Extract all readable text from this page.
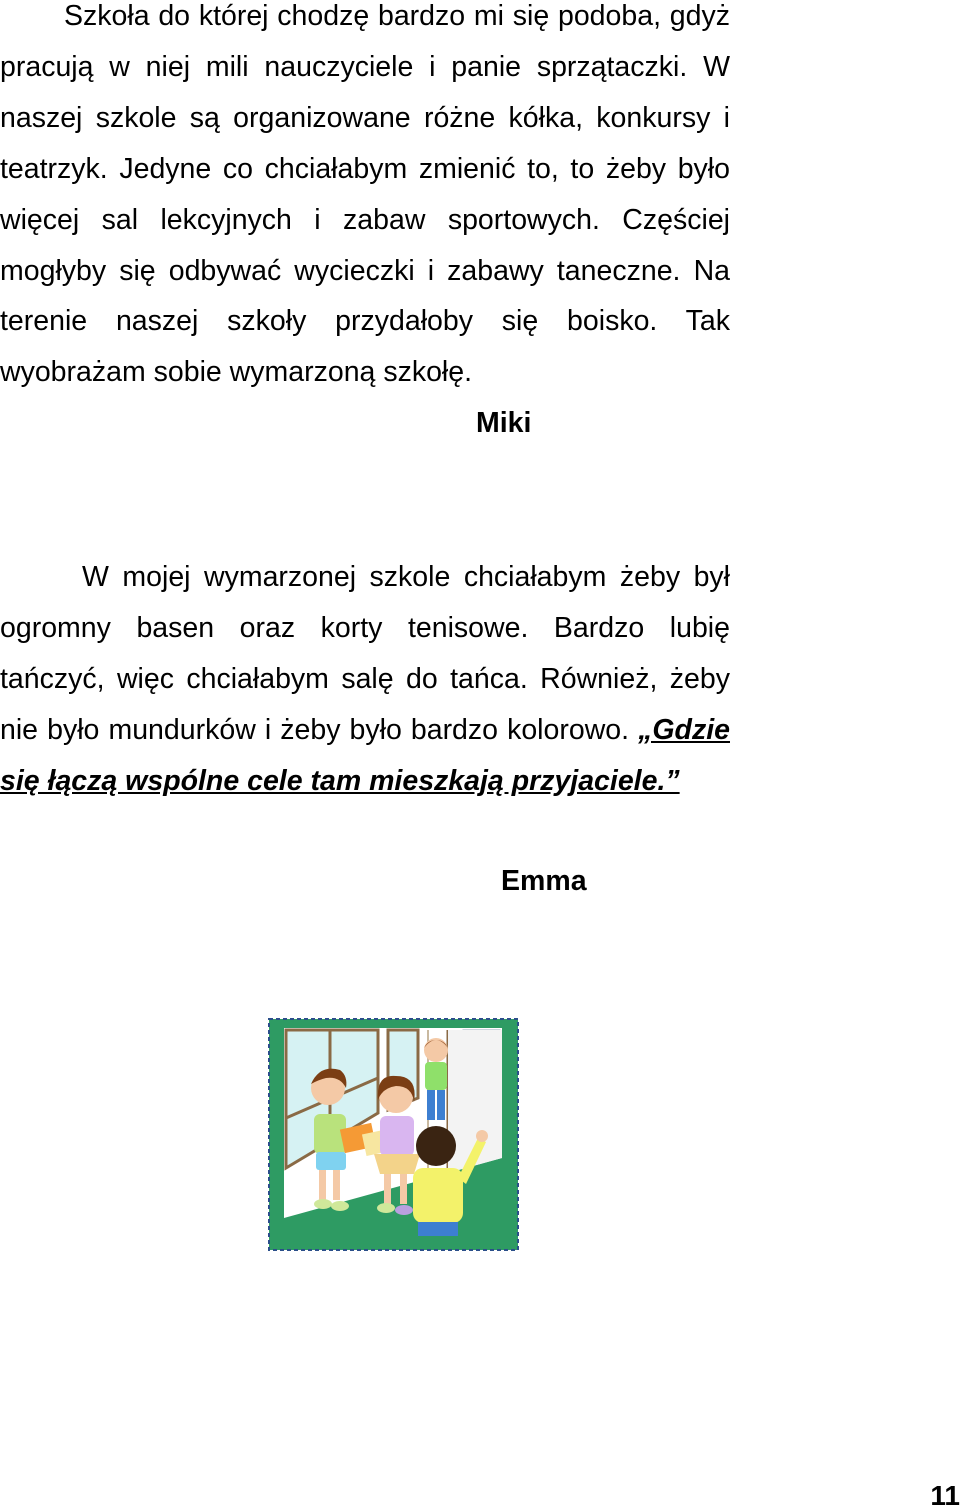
Szkoła do której chodzę bardzo mi się podoba, gdyż pracują w niej mili nauczyciele i panie sprzątaczki. W naszej szkole są organizowane różne kółka, konkursy i teatrzyk. Jedyne co chciałabym zmienić to, to żeby było więcej sal lekcyjnych i zabaw sportowych. Częściej mogłyby się odbywać wycieczki i zabawy taneczne. Na terenie naszej szkoły przydałoby się boisko. Tak wyobrażam sobie wymarzoną szkołę.

Miki

W mojej wymarzonej szkole chciałabym żeby był ogromny basen oraz korty tenisowe. Bardzo lubię tańczyć, więc chciałabym salę do tańca. Również, żeby nie było mundurków i żeby było bardzo kolorowo. „Gdzie się łączą wspólne cele tam mieszkają przyjaciele.”

Emma
11
